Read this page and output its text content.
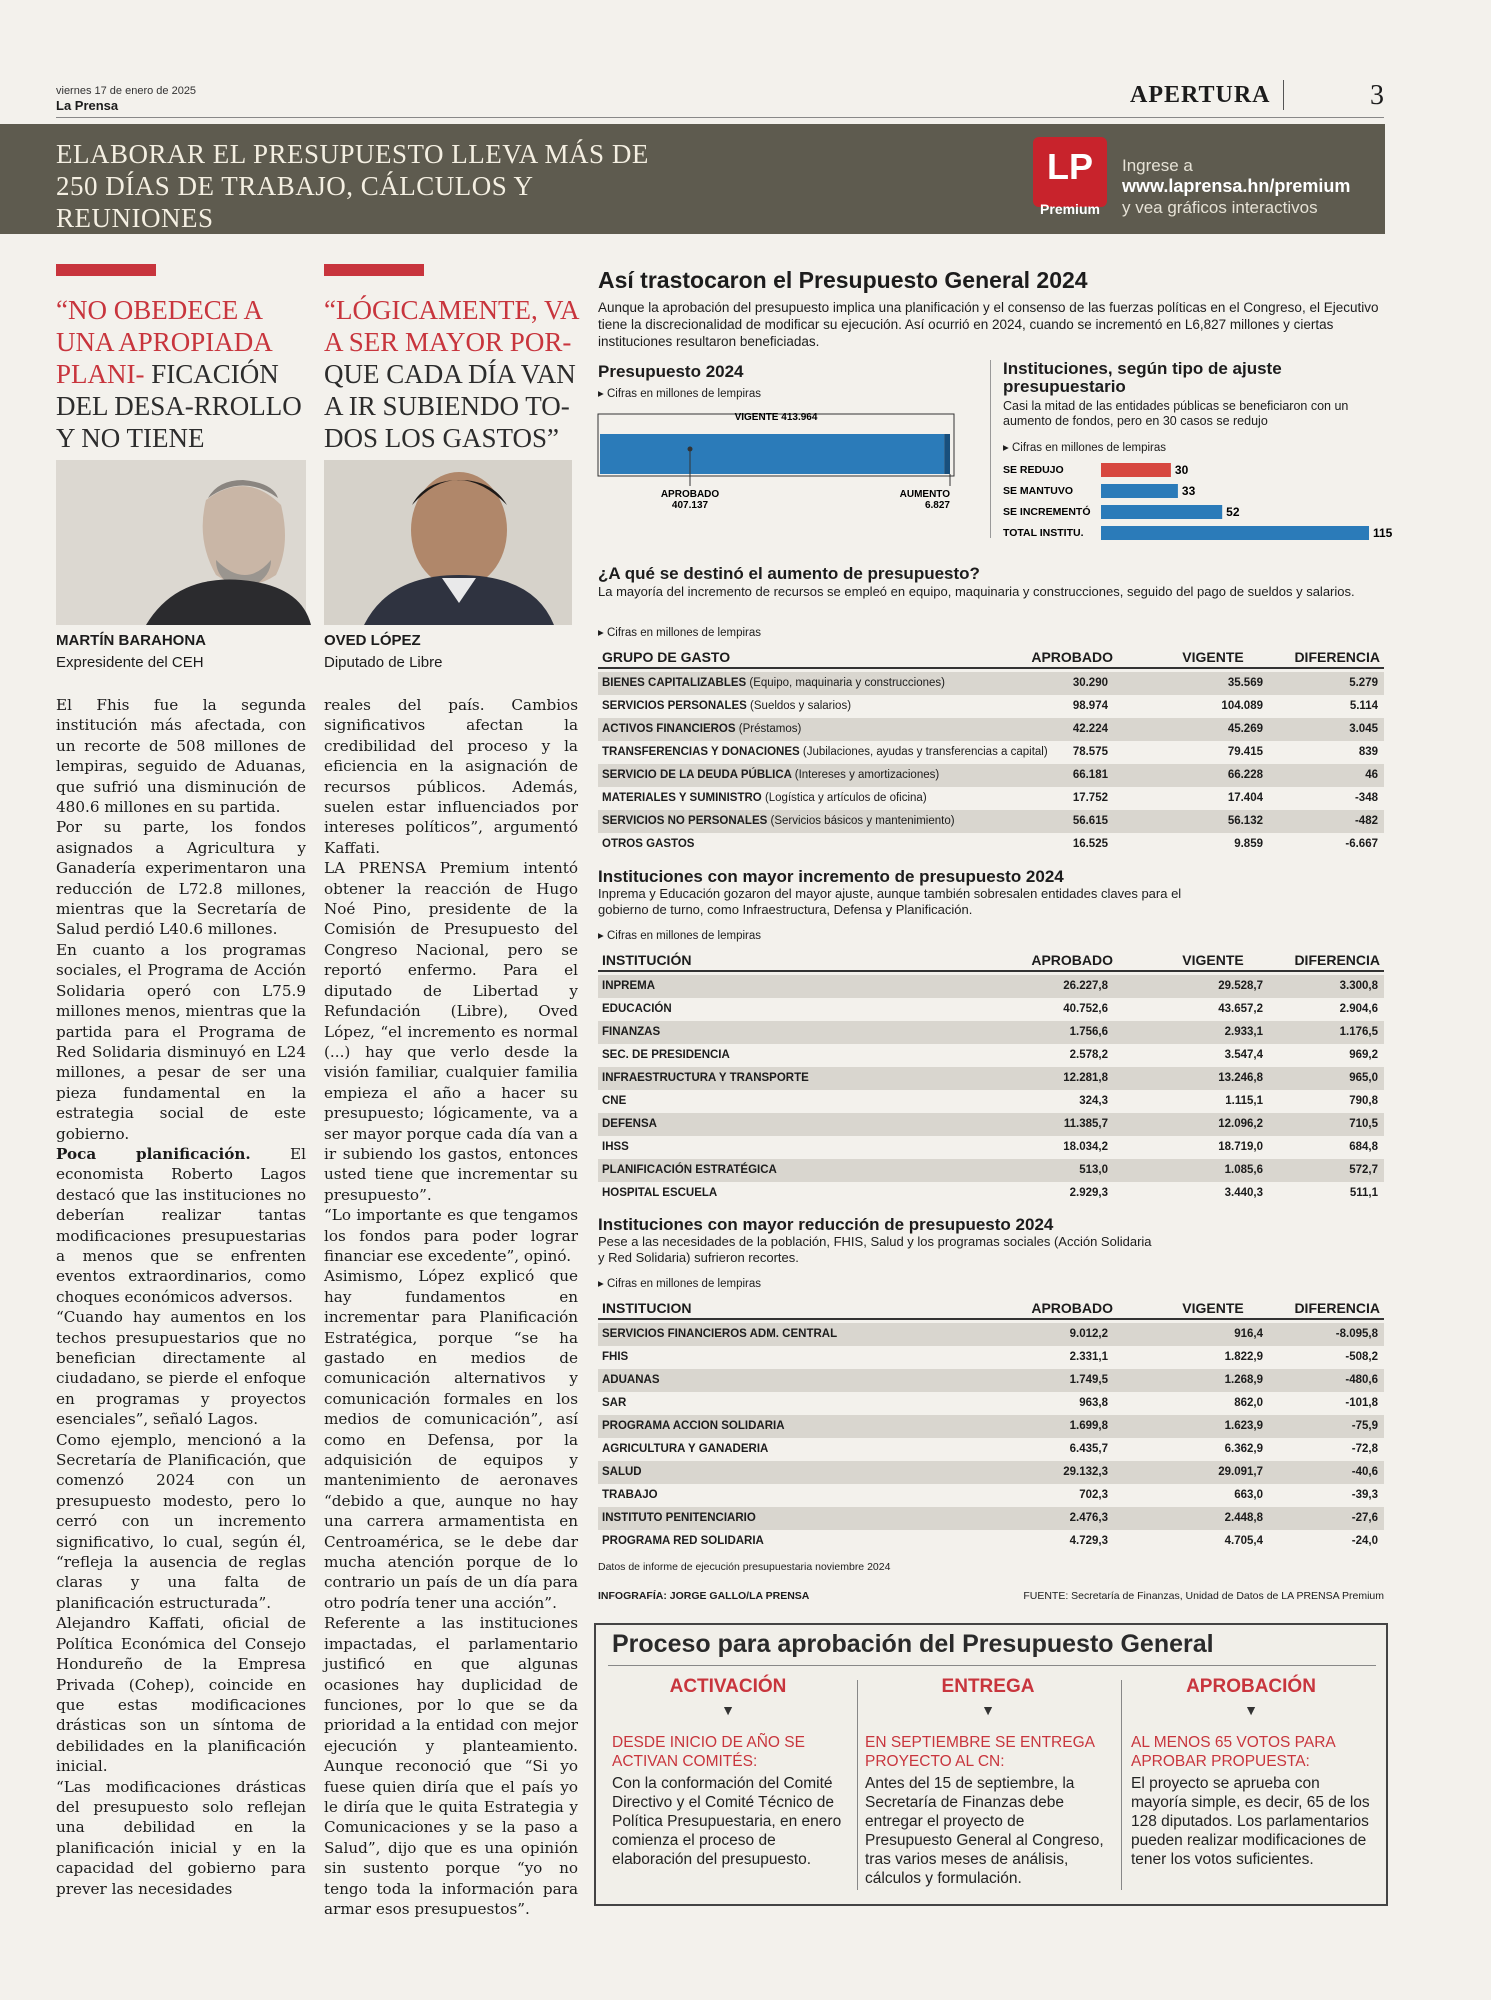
viernes 17 de enero de 2025
La Prensa	APERTURA	3
ELABORAR EL PRESUPUESTO LLEVA MÁS DE 250 DÍAS DE TRABAJO, CÁLCULOS Y REUNIONES
LP
Premium
Ingrese a
www.laprensa.hn/premium
y vea gráficos interactivos
“NO OBEDECE A UNA APROPIADA PLANI- FICACIÓN DEL DESA-RROLLO Y NO TIENE
MARTÍN BARAHONA
Expresidente del CEH
“LÓGICAMENTE, VA A SER MAYOR POR- QUE CADA DÍA VAN A IR SUBIENDO TO-DOS LOS GASTOS”
OVED LÓPEZ
Diputado de Libre

El Fhis fue la segunda institución más afectada, con un recorte de 508 millones de lempiras, seguido de Aduanas, que sufrió una disminución de 480.6 millones en su partida.

Por su parte, los fondos asignados a Agricultura y Ganadería experimentaron una reducción de L72.8 millones, mientras que la Secretaría de Salud perdió L40.6 millones.

En cuanto a los programas sociales, el Programa de Acción Solidaria operó con L75.9 millones menos, mientras que la partida para el Programa de Red Solidaria disminuyó en L24 millones, a pesar de ser una pieza fundamental en la estrategia social de este gobierno.

Poca planificación. El economista Roberto Lagos destacó que las instituciones no deberían realizar tantas modificaciones presupuestarias a menos que se enfrenten eventos extraordinarios, como choques económicos adversos.

“Cuando hay aumentos en los techos presupuestarios que no benefician directamente al ciudadano, se pierde el enfoque en programas y proyectos esenciales”, señaló Lagos.

Como ejemplo, mencionó a la Secretaría de Planificación, que comenzó 2024 con un presupuesto modesto, pero lo cerró con un incremento significativo, lo cual, según él, “refleja la ausencia de reglas claras y una falta de planificación estructurada”.

Alejandro Kaffati, oficial de Política Económica del Consejo Hondureño de la Empresa Privada (Cohep), coincide en que estas modificaciones drásticas son un síntoma de debilidades en la planificación inicial.

“Las modificaciones drásticas del presupuesto solo reflejan una debilidad en la planificación inicial y en la capacidad del gobierno para prever las necesidades

reales del país. Cambios significativos afectan la credibilidad del proceso y la eficiencia en la asignación de recursos públicos. Además, suelen estar influenciados por intereses políticos”, argumentó Kaffati.

LA PRENSA Premium intentó obtener la reacción de Hugo Noé Pino, presidente de la Comisión de Presupuesto del Congreso Nacional, pero se reportó enfermo. Para el diputado de Libertad y Refundación (Libre), Oved López, “el incremento es normal (...) hay que verlo desde la visión familiar, cualquier familia empieza el año a hacer su presupuesto; lógicamente, va a ser mayor porque cada día van a ir subiendo los gastos, entonces usted tiene que incrementar su presupuesto”.

“Lo importante es que tengamos los fondos para poder lograr financiar ese excedente”, opinó.

Asimismo, López explicó que hay fundamentos en incrementar para Planificación Estratégica, porque “se ha gastado en medios de comunicación alternativos y comunicación formales en los medios de comunicación”, así como en Defensa, por la adquisición de equipos y mantenimiento de aeronaves “debido a que, aunque no hay una carrera armamentista en Centroamérica, se le debe dar mucha atención porque de lo contrario un país de un día para otro podría tener una acción”.

Referente a las instituciones impactadas, el parlamentario justificó en que algunas ocasiones hay duplicidad de funciones, por lo que se da prioridad a la entidad con mejor ejecución y planteamiento. Aunque reconoció que “Si yo fuese quien diría que el país yo le diría que le quita Estrategia y Comunicaciones y se la paso a Salud”, dijo que es una opinión sin sustento porque “yo no tengo toda la información para armar esos presupuestos”.

Así trastocaron el Presupuesto General 2024
Aunque la aprobación del presupuesto implica una planificación y el consenso de las fuerzas políticas en el Congreso, el Ejecutivo tiene la discrecionalidad de modificar su ejecución. Así ocurrió en 2024, cuando se incrementó en L6,827 millones y ciertas instituciones resultaron beneficiadas.
Presupuesto 2024
▸ Cifras en millones de lempiras
VIGENTE 413.964
APROBADO
407.137
AUMENTO
6.827
Instituciones, según tipo de ajuste presupuestario
Casi la mitad de las entidades públicas se beneficiaron con un aumento de fondos, pero en 30 casos se redujo
▸ Cifras en millones de lempiras
SE REDUJO	30
SE MANTUVO	33
SE INCREMENTÓ	52
TOTAL INSTITU.	115
¿A qué se destinó el aumento de presupuesto?
La mayoría del incremento de recursos se empleó en equipo, maquinaria y construcciones, seguido del pago de sueldos y salarios.
▸ Cifras en millones de lempiras
GRUPO DE GASTO	APROBADO	VIGENTE	DIFERENCIA
BIENES CAPITALIZABLES (Equipo, maquinaria y construcciones)	30.290	35.569	5.279
SERVICIOS PERSONALES (Sueldos y salarios)	98.974	104.089	5.114
ACTIVOS FINANCIEROS (Préstamos)	42.224	45.269	3.045
TRANSFERENCIAS Y DONACIONES (Jubilaciones, ayudas y transferencias a capital)	78.575	79.415	839
SERVICIO DE LA DEUDA PÚBLICA (Intereses y amortizaciones)	66.181	66.228	46
MATERIALES Y SUMINISTRO (Logística y artículos de oficina)	17.752	17.404	-348
SERVICIOS NO PERSONALES (Servicios básicos y mantenimiento)	56.615	56.132	-482
OTROS GASTOS	16.525	9.859	-6.667
Instituciones con mayor incremento de presupuesto 2024
Inprema y Educación gozaron del mayor ajuste, aunque también sobresalen entidades claves para el gobierno de turno, como Infraestructura, Defensa y Planificación.
▸ Cifras en millones de lempiras
INSTITUCIÓN	APROBADO	VIGENTE	DIFERENCIA
INPREMA	26.227,8	29.528,7	3.300,8
EDUCACIÓN	40.752,6	43.657,2	2.904,6
FINANZAS	1.756,6	2.933,1	1.176,5
SEC. DE PRESIDENCIA	2.578,2	3.547,4	969,2
INFRAESTRUCTURA Y TRANSPORTE	12.281,8	13.246,8	965,0
CNE	324,3	1.115,1	790,8
DEFENSA	11.385,7	12.096,2	710,5
IHSS	18.034,2	18.719,0	684,8
PLANIFICACIÓN ESTRATÉGICA	513,0	1.085,6	572,7
HOSPITAL ESCUELA	2.929,3	3.440,3	511,1
Instituciones con mayor reducción de presupuesto 2024
Pese a las necesidades de la población, FHIS, Salud y los programas sociales (Acción Solidaria y Red Solidaria) sufrieron recortes.
▸ Cifras en millones de lempiras
INSTITUCION	APROBADO	VIGENTE	DIFERENCIA
SERVICIOS FINANCIEROS ADM. CENTRAL	9.012,2	916,4	-8.095,8
FHIS	2.331,1	1.822,9	-508,2
ADUANAS	1.749,5	1.268,9	-480,6
SAR	963,8	862,0	-101,8
PROGRAMA ACCION SOLIDARIA	1.699,8	1.623,9	-75,9
AGRICULTURA Y GANADERIA	6.435,7	6.362,9	-72,8
SALUD	29.132,3	29.091,7	-40,6
TRABAJO	702,3	663,0	-39,3
INSTITUTO PENITENCIARIO	2.476,3	2.448,8	-27,6
PROGRAMA RED SOLIDARIA	4.729,3	4.705,4	-24,0
Datos de informe de ejecución presupuestaria noviembre 2024
INFOGRAFÍA: JORGE GALLO/LA PRENSA	FUENTE: Secretaría de Finanzas, Unidad de Datos de LA PRENSA Premium
Proceso para aprobación del Presupuesto General
ACTIVACIÓN
▼
DESDE INICIO DE AÑO SE ACTIVAN COMITÉS:
Con la conformación del Comité Directivo y el Comité Técnico de Política Presupuestaria, en enero comienza el proceso de elaboración del presupuesto.
ENTREGA
▼
EN SEPTIEMBRE SE ENTREGA PROYECTO AL CN:
Antes del 15 de septiembre, la Secretaría de Finanzas debe entregar el proyecto de Presupuesto General al Congreso, tras varios meses de análisis, cálculos y formulación.
APROBACIÓN
▼
AL MENOS 65 VOTOS PARA APROBAR PROPUESTA:
El proyecto se aprueba con mayoría simple, es decir, 65 de los 128 diputados. Los parlamentarios pueden realizar modificaciones de tener los votos suficientes.
